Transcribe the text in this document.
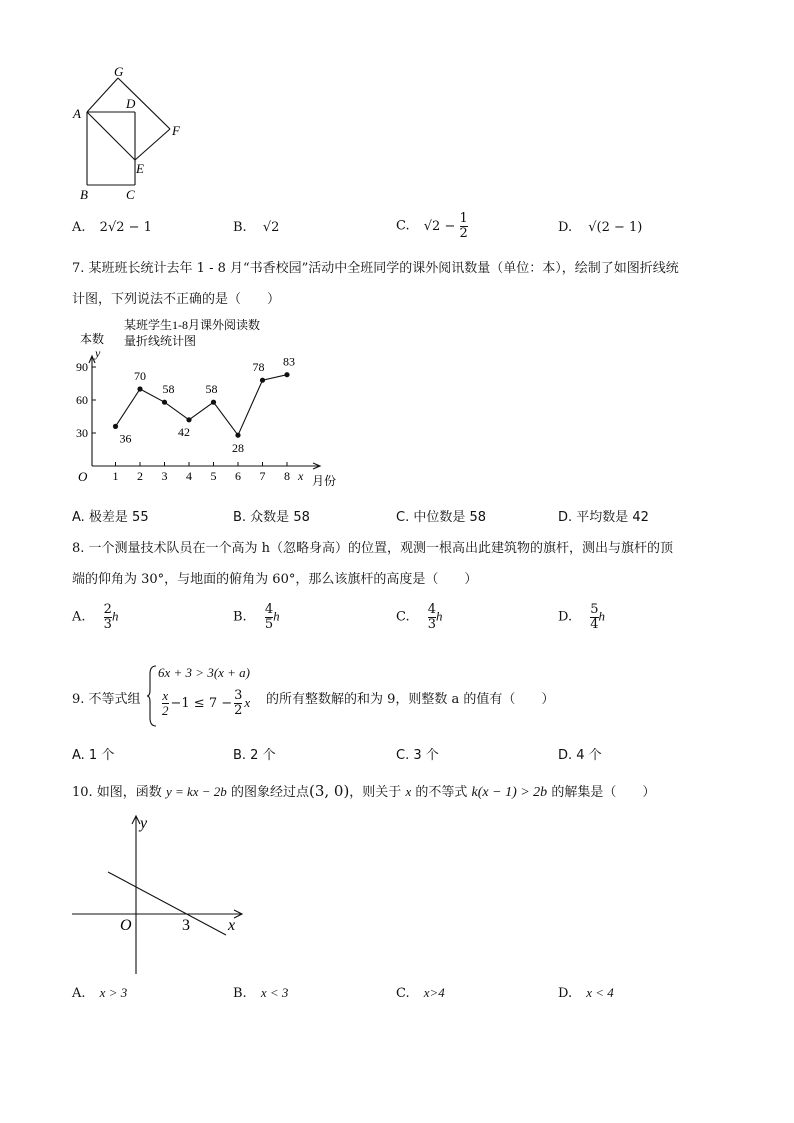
G
A
D
F
E
B	C
A. 2√2 − 1	B. √2	C. $√2 - \frac{1}{2}$	D. √(2 − 1)
7. 某班班长统计去年 1 - 8 月“书香校园”活动中全班同学的课外阅讯数量（单位：本），绘制了如图折线统
计图，下列说法不正确的是（　　）
某班学生1-8月课外阅读数
量折线统计图
本数
y
x 月份
O
30
60
90
1 2 3 4 5 6 7 8
36
70
58
42
58
28
78 83
A. 极差是 55	B. 众数是 58	C. 中位数是 58	D. 平均数是 42
8. 一个测量技术队员在一个高为 h（忽略身高）的位置，观测一根高出此建筑物的旗杆，测出与旗杆的顶
端的仰角为 30°，与地面的俯角为 60°，那么该旗杆的高度是（　　）
A. $\frac{2}{3}$ h	B. $\frac{4}{5}$ h	C. $\frac{4}{3}$ h	D. $\frac{5}{4}$ h
9. 不等式组
6x + 3 > 3(x + a)
$\frac{x}{2} -1 \le 7 - \frac{3}{2}$ x 的所有整数解的和为 9，则整数 a 的值有（　　）
A. 1 个	B. 2 个	C. 3 个	D. 4 个
10. 如图，函数 y = kx − 2b 的图象经过点(3, 0)，则关于 x 的不等式 k(x − 1) > 2b 的解集是（　　）
y
x
O	3
A. x > 3	B. x < 3	C. x>4	D. x < 4
